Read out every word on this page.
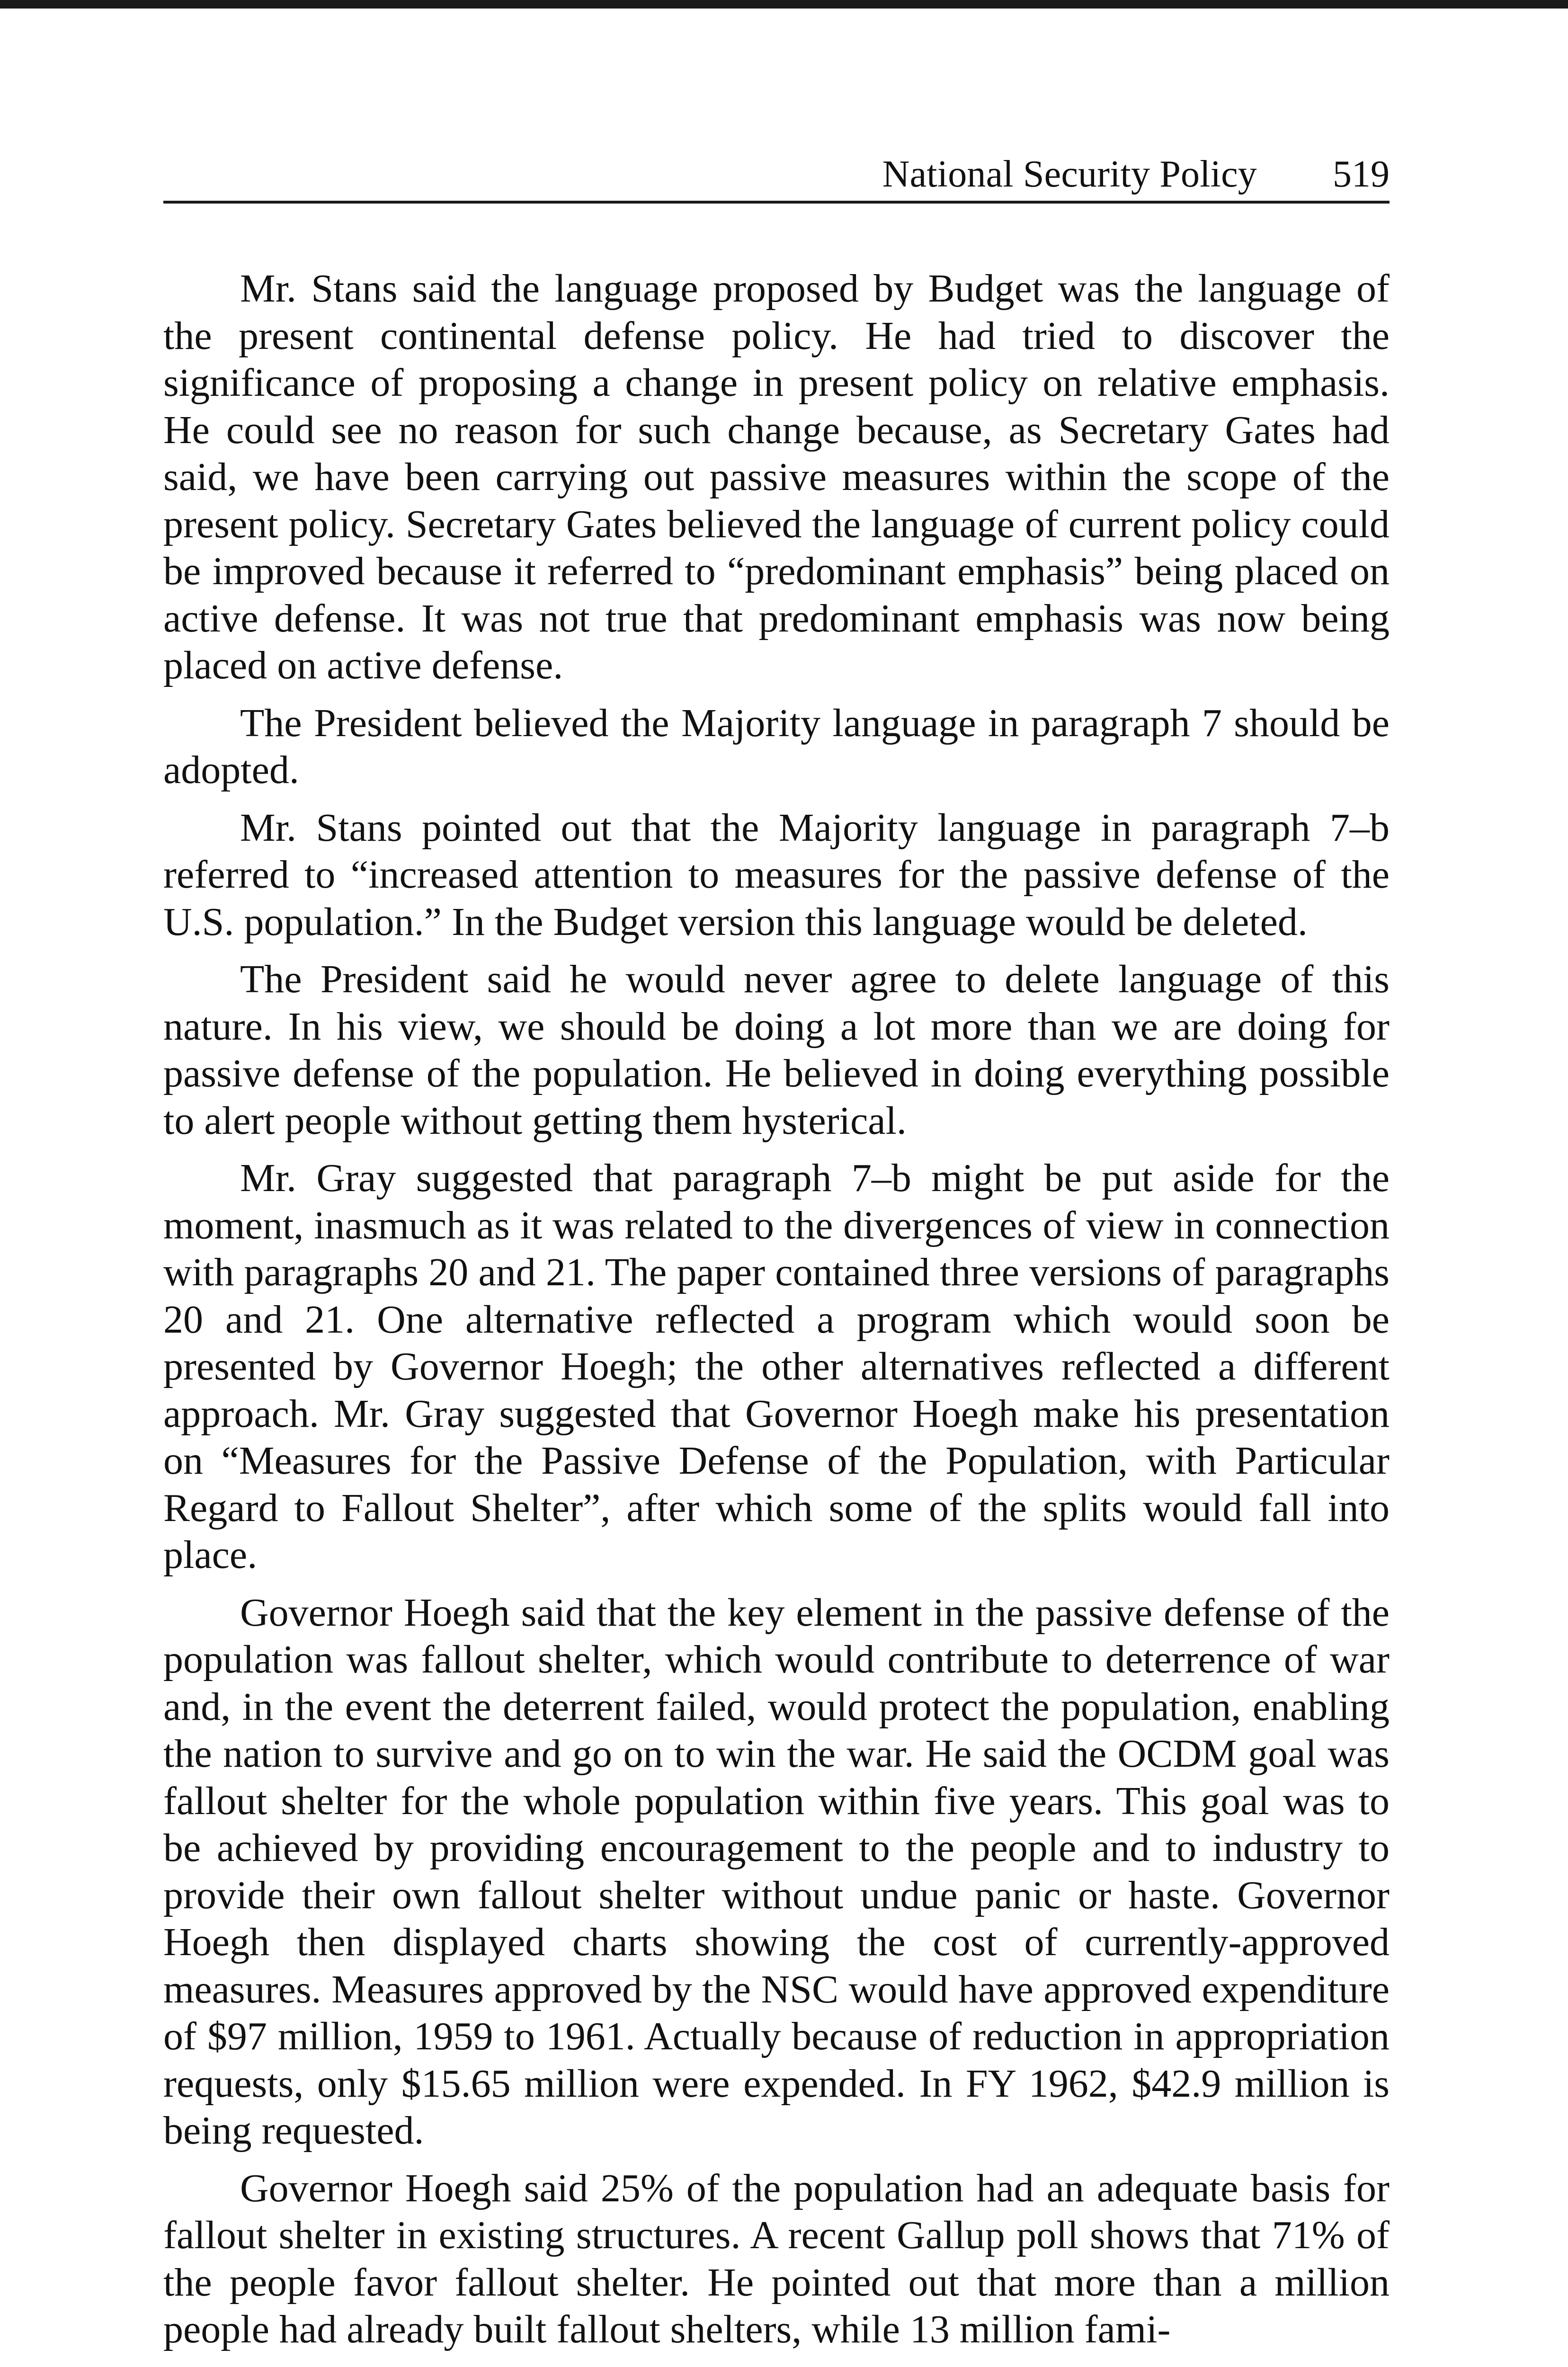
National Security Policy 519

Mr. Stans said the language proposed by Budget was the language of the present continental defense policy. He had tried to discover the significance of proposing a change in present policy on relative emphasis. He could see no reason for such change because, as Secretary Gates had said, we have been carrying out passive measures within the scope of the present policy. Secretary Gates believed the language of current policy could be improved because it referred to “predominant emphasis” being placed on active defense. It was not true that predominant emphasis was now being placed on active defense.

The President believed the Majority language in paragraph 7 should be adopted.

Mr. Stans pointed out that the Majority language in paragraph 7–b referred to “increased attention to measures for the passive defense of the U.S. population.” In the Budget version this language would be deleted.

The President said he would never agree to delete language of this nature. In his view, we should be doing a lot more than we are doing for passive defense of the population. He believed in doing everything possible to alert people without getting them hysterical.

Mr. Gray suggested that paragraph 7–b might be put aside for the moment, inasmuch as it was related to the divergences of view in connection with paragraphs 20 and 21. The paper contained three versions of paragraphs 20 and 21. One alternative reflected a program which would soon be presented by Governor Hoegh; the other alternatives reflected a different approach. Mr. Gray suggested that Governor Hoegh make his presentation on “Measures for the Passive Defense of the Population, with Particular Regard to Fallout Shelter”, after which some of the splits would fall into place.

Governor Hoegh said that the key element in the passive defense of the population was fallout shelter, which would contribute to deterrence of war and, in the event the deterrent failed, would protect the population, enabling the nation to survive and go on to win the war. He said the OCDM goal was fallout shelter for the whole population within five years. This goal was to be achieved by providing encouragement to the people and to industry to provide their own fallout shelter without undue panic or haste. Governor Hoegh then displayed charts showing the cost of currently-approved measures. Measures approved by the NSC would have approved expenditure of $97 million, 1959 to 1961. Actually because of reduction in appropriation requests, only $15.65 million were expended. In FY 1962, $42.9 million is being requested.

Governor Hoegh said 25% of the population had an adequate basis for fallout shelter in existing structures. A recent Gallup poll shows that 71% of the people favor fallout shelter. He pointed out that more than a million people had already built fallout shelters, while 13 million fami-
